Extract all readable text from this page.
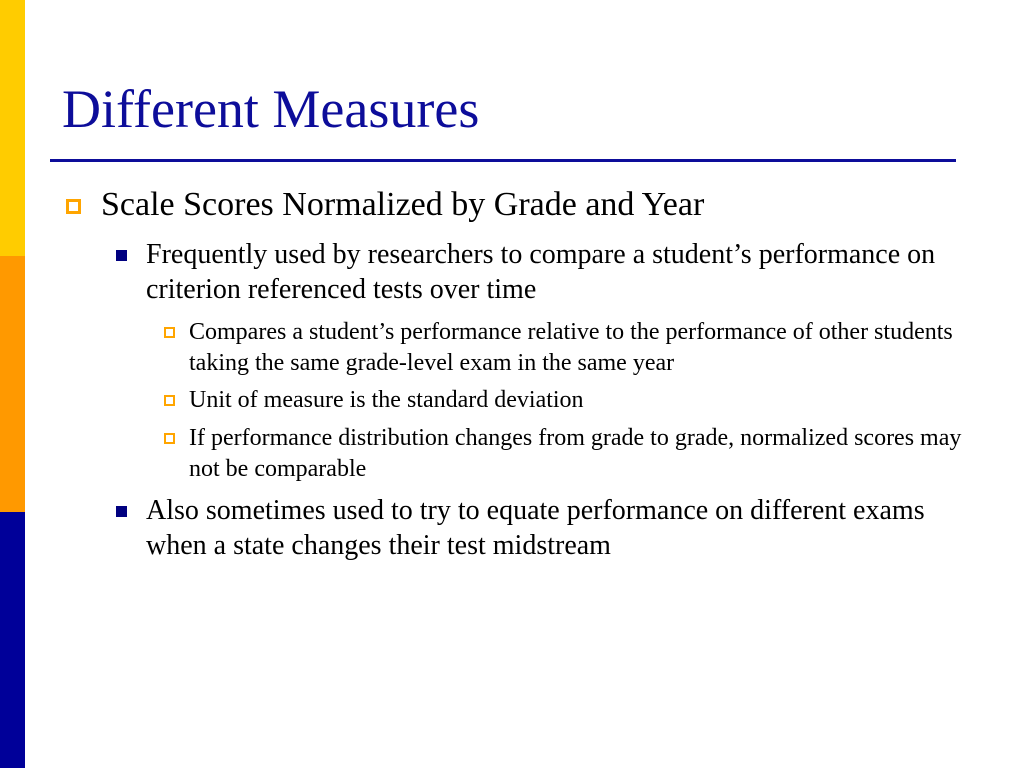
Different Measures
Scale Scores Normalized by Grade and Year
Frequently used by researchers to compare a student’s performance on criterion referenced tests over time
Compares a student’s performance relative to the performance of other students taking the same grade-level exam in the same year
Unit of measure is the standard deviation
If performance distribution changes from grade to grade, normalized scores may not be comparable
Also sometimes used to try to equate performance on different exams when a state changes their test midstream
